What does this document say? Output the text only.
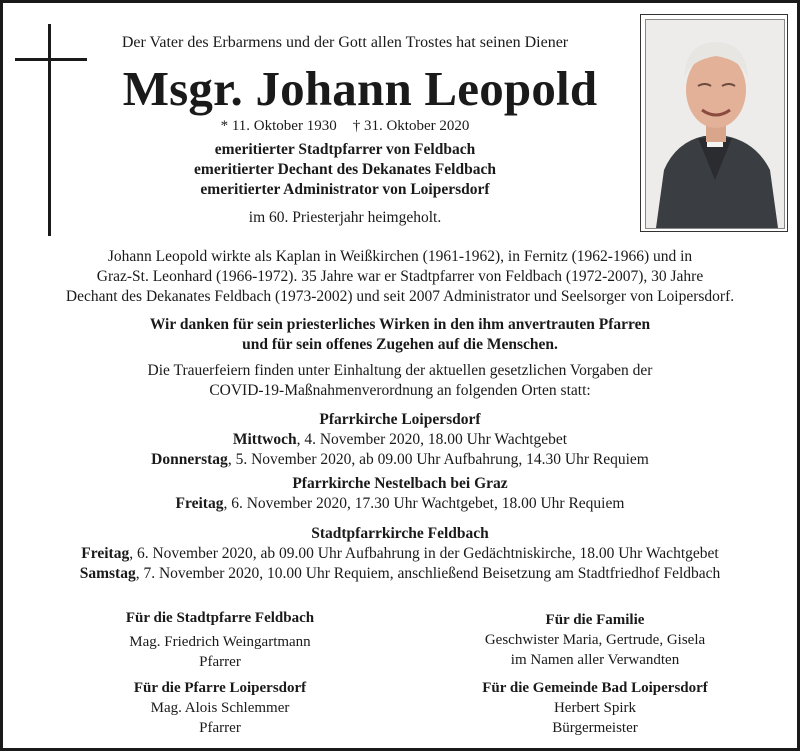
Der Vater des Erbarmens und der Gott allen Trostes hat seinen Diener
Msgr. Johann Leopold
* 11. Oktober 1930 † 31. Oktober 2020
emeritierter Stadtpfarrer von Feldbach
emeritierter Dechant des Dekanates Feldbach
emeritierter Administrator von Loipersdorf
im 60. Priesterjahr heimgeholt.
Johann Leopold wirkte als Kaplan in Weißkirchen (1961-1962), in Fernitz (1962-1966) und in
Graz-St. Leonhard (1966-1972). 35 Jahre war er Stadtpfarrer von Feldbach (1972-2007), 30 Jahre
Dechant des Dekanates Feldbach (1973-2002) und seit 2007 Administrator und Seelsorger von Loipersdorf.
Wir danken für sein priesterliches Wirken in den ihm anvertrauten Pfarren
und für sein offenes Zugehen auf die Menschen.
Die Trauerfeiern finden unter Einhaltung der aktuellen gesetzlichen Vorgaben der
COVID-19-Maßnahmenverordnung an folgenden Orten statt:
Pfarrkirche Loipersdorf
Mittwoch, 4. November 2020, 18.00 Uhr Wachtgebet
Donnerstag, 5. November 2020, ab 09.00 Uhr Aufbahrung, 14.30 Uhr Requiem
Pfarrkirche Nestelbach bei Graz
Freitag, 6. November 2020, 17.30 Uhr Wachtgebet, 18.00 Uhr Requiem
Stadtpfarrkirche Feldbach
Freitag, 6. November 2020, ab 09.00 Uhr Aufbahrung in der Gedächtniskirche, 18.00 Uhr Wachtgebet
Samstag, 7. November 2020, 10.00 Uhr Requiem, anschließend Beisetzung am Stadtfriedhof Feldbach
Für die Stadtpfarre Feldbach
Mag. Friedrich Weingartmann
Pfarrer
Für die Familie
Geschwister Maria, Gertrude, Gisela
im Namen aller Verwandten
Für die Pfarre Loipersdorf
Mag. Alois Schlemmer
Pfarrer
Für die Gemeinde Bad Loipersdorf
Herbert Spirk
Bürgermeister
